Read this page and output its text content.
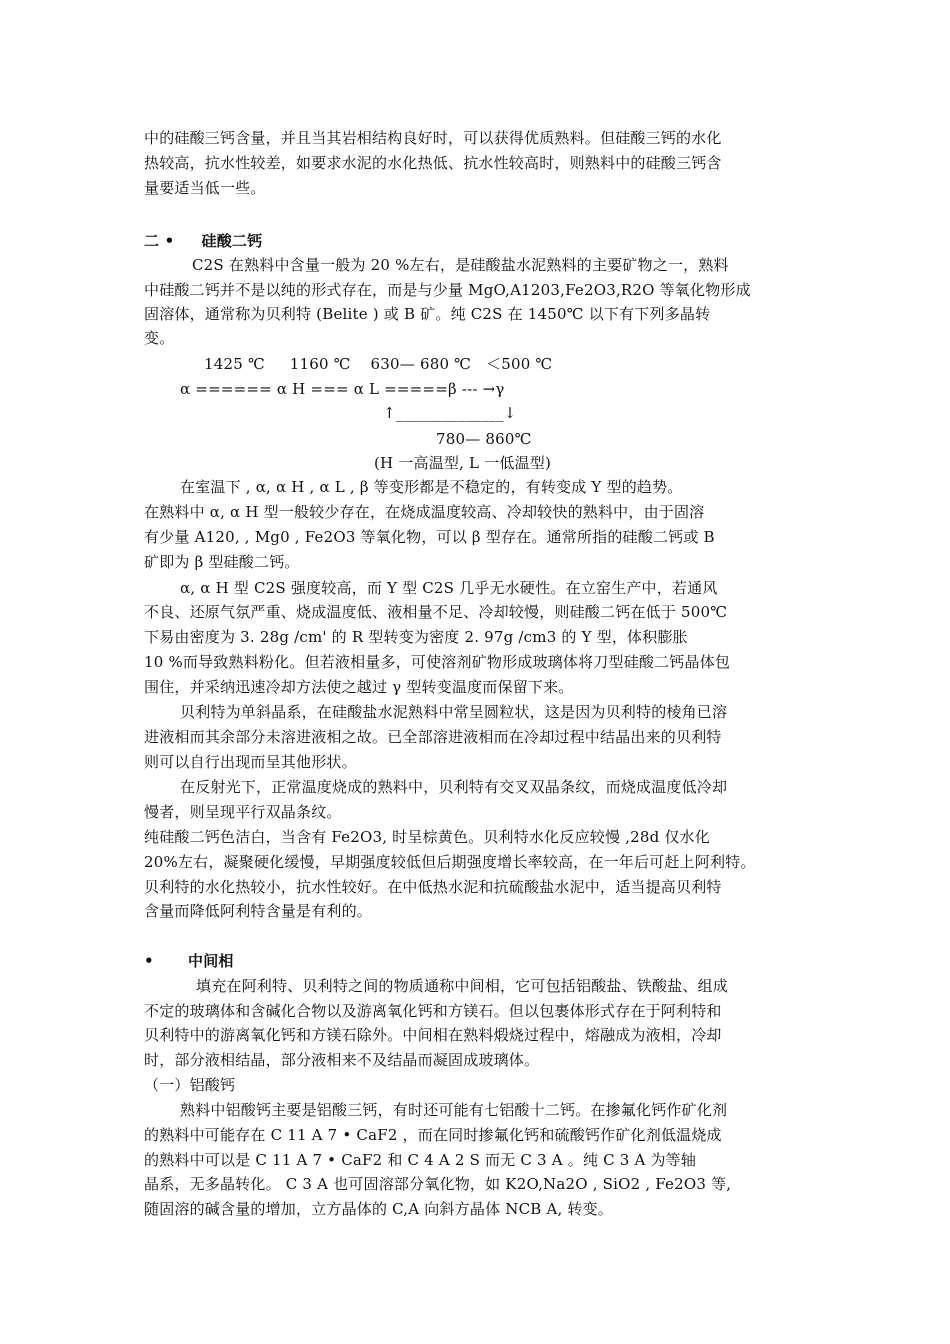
中的硅酸三钙含量，并且当其岩相结构良好时，可以获得优质熟料。但硅酸三钙的水化
热较高，抗水性较差，如要求水泥的水化热低、抗水性较高时，则熟料中的硅酸三钙含
量要适当低一些。
二 •     硅酸二钙
C2S 在熟料中含量一般为 20 %左右，是硅酸盐水泥熟料的主要矿物之一，熟料
中硅酸二钙并不是以纯的形式存在，而是与少量 MgO,A1203,Fe2O3,R2O 等氧化物形成
固溶体，通常称为贝利特 (Belite ) 或 B 矿。纯 C2S 在 1450℃ 以下有下列多晶转
变。
1425 ℃     1160 ℃    630— 680 ℃   ＜500 ℃
α ====== α H === α L =====β --- →γ
↑______________↓
780— 860℃
(H 一高温型, L 一低温型)
在室温下 , α, α H , α L , β 等变形都是不稳定的，有转变成 Y 型的趋势。
在熟料中 α, α H 型一般较少存在，在烧成温度较高、冷却较快的熟料中，由于固溶
有少量 A120, , Mg0 , Fe2O3 等氧化物，可以 β 型存在。通常所指的硅酸二钙或 B
矿即为 β 型硅酸二钙。
α, α H 型 C2S 强度较高，而 Y 型 C2S 几乎无水硬性。在立窑生产中，若通风
不良、还原气氛严重、烧成温度低、液相量不足、冷却较慢，则硅酸二钙在低于 500℃
下易由密度为 3. 28g /cm' 的 R 型转变为密度 2. 97g /cm3 的 Y 型，体积膨胀
10 %而导致熟料粉化。但若液相量多，可使溶剂矿物形成玻璃体将刀型硅酸二钙晶体包
围住，并采纳迅速冷却方法使之越过 γ 型转变温度而保留下来。
贝利特为单斜晶系，在硅酸盐水泥熟料中常呈圆粒状，这是因为贝利特的棱角已溶
进液相而其余部分未溶进液相之故。已全部溶进液相而在冷却过程中结晶出来的贝利特
则可以自行出现而呈其他形状。
在反射光下，正常温度烧成的熟料中，贝利特有交叉双晶条纹，而烧成温度低冷却
慢者，则呈现平行双晶条纹。
纯硅酸二钙色洁白，当含有 Fe2O3, 时呈棕黄色。贝利特水化反应较慢 ,28d 仅水化
20%左右，凝聚硬化缓慢，早期强度较低但后期强度增长率较高，在一年后可赶上阿利特。
贝利特的水化热较小，抗水性较好。在中低热水泥和抗硫酸盐水泥中，适当提高贝利特
含量而降低阿利特含量是有利的。
•	中间相
填充在阿利特、贝利特之间的物质通称中间相，它可包括铝酸盐、铁酸盐、组成
不定的玻璃体和含碱化合物以及游离氧化钙和方镁石。但以包裹体形式存在于阿利特和
贝利特中的游离氧化钙和方镁石除外。中间相在熟料煅烧过程中，熔融成为液相，冷却
时，部分液相结晶，部分液相来不及结晶而凝固成玻璃体。
（一）铝酸钙
熟料中铝酸钙主要是铝酸三钙，有时还可能有七铝酸十二钙。在掺氟化钙作矿化剂
的熟料中可能存在 C 11 A 7 • CaF2 ，而在同时掺氟化钙和硫酸钙作矿化剂低温烧成
的熟料中可以是 C 11 A 7 • CaF2 和 C 4 A 2 S 而无 C 3 A 。纯 C 3 A 为等轴
晶系，无多晶转化。 C 3 A 也可固溶部分氧化物，如 K2O,Na2O , SiO2 , Fe2O3 等,
随固溶的碱含量的增加，立方晶体的 C,A 向斜方晶体 NCB A, 转变。
